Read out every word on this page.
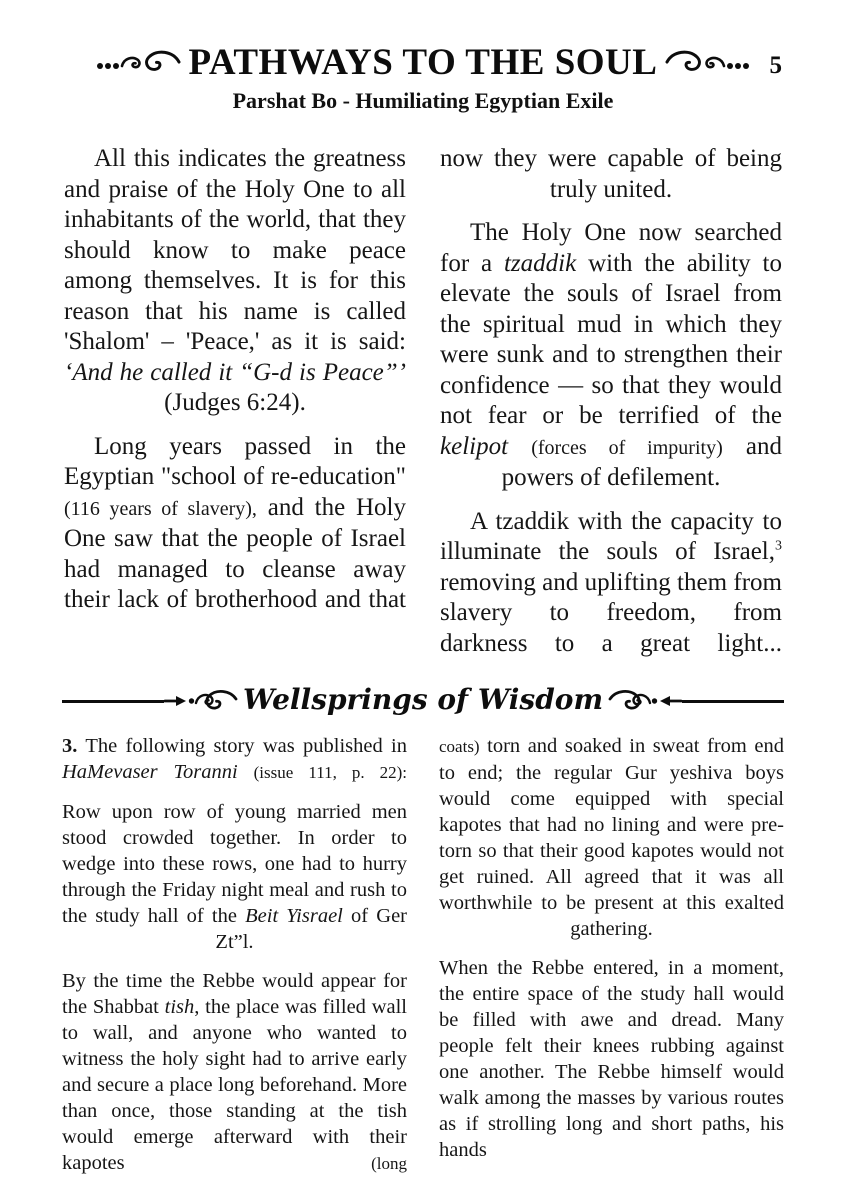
PATHWAYS TO THE SOUL	5
Parshat Bo - Humiliating Egyptian Exile

All this indicates the greatness and praise of the Holy One to all inhabitants of the world, that they should know to make peace among themselves. It is for this reason that his name is called 'Shalom' – 'Peace,' as it is said: ‘And he called it “G-d is Peace”’ (Judges 6:24).

Long years passed in the Egyptian "school of re-education" (116 years of slavery), and the Holy One saw that the people of Israel had managed to cleanse away their lack of brotherhood and that

now they were capable of being truly united.

The Holy One now searched for a tzaddik with the ability to elevate the souls of Israel from the spiritual mud in which they were sunk and to strengthen their confidence — so that they would not fear or be terrified of the kelipot (forces of impurity) and powers of defilement.

A tzaddik with the capacity to illuminate the souls of Israel,$^3$ removing and uplifting them from slavery to freedom, from darkness to a great light...

Wellsprings of Wisdom

3. The following story was published in HaMevaser Toranni (issue 111, p. 22):

Row upon row of young married men stood crowded together. In order to wedge into these rows, one had to hurry through the Friday night meal and rush to the study hall of the Beit Yisrael of Ger Zt”l.

By the time the Rebbe would appear for the Shabbat tish, the place was filled wall to wall, and anyone who wanted to witness the holy sight had to arrive early and secure a place long beforehand. More than once, those standing at the tish would emerge afterward with their kapotes (long

coats) torn and soaked in sweat from end to end; the regular Gur yeshiva boys would come equipped with special kapotes that had no lining and were pre-torn so that their good kapotes would not get ruined. All agreed that it was all worthwhile to be present at this exalted gathering.

When the Rebbe entered, in a moment, the entire space of the study hall would be filled with awe and dread. Many people felt their knees rubbing against one another. The Rebbe himself would walk among the masses by various routes as if strolling long and short paths, his hands
